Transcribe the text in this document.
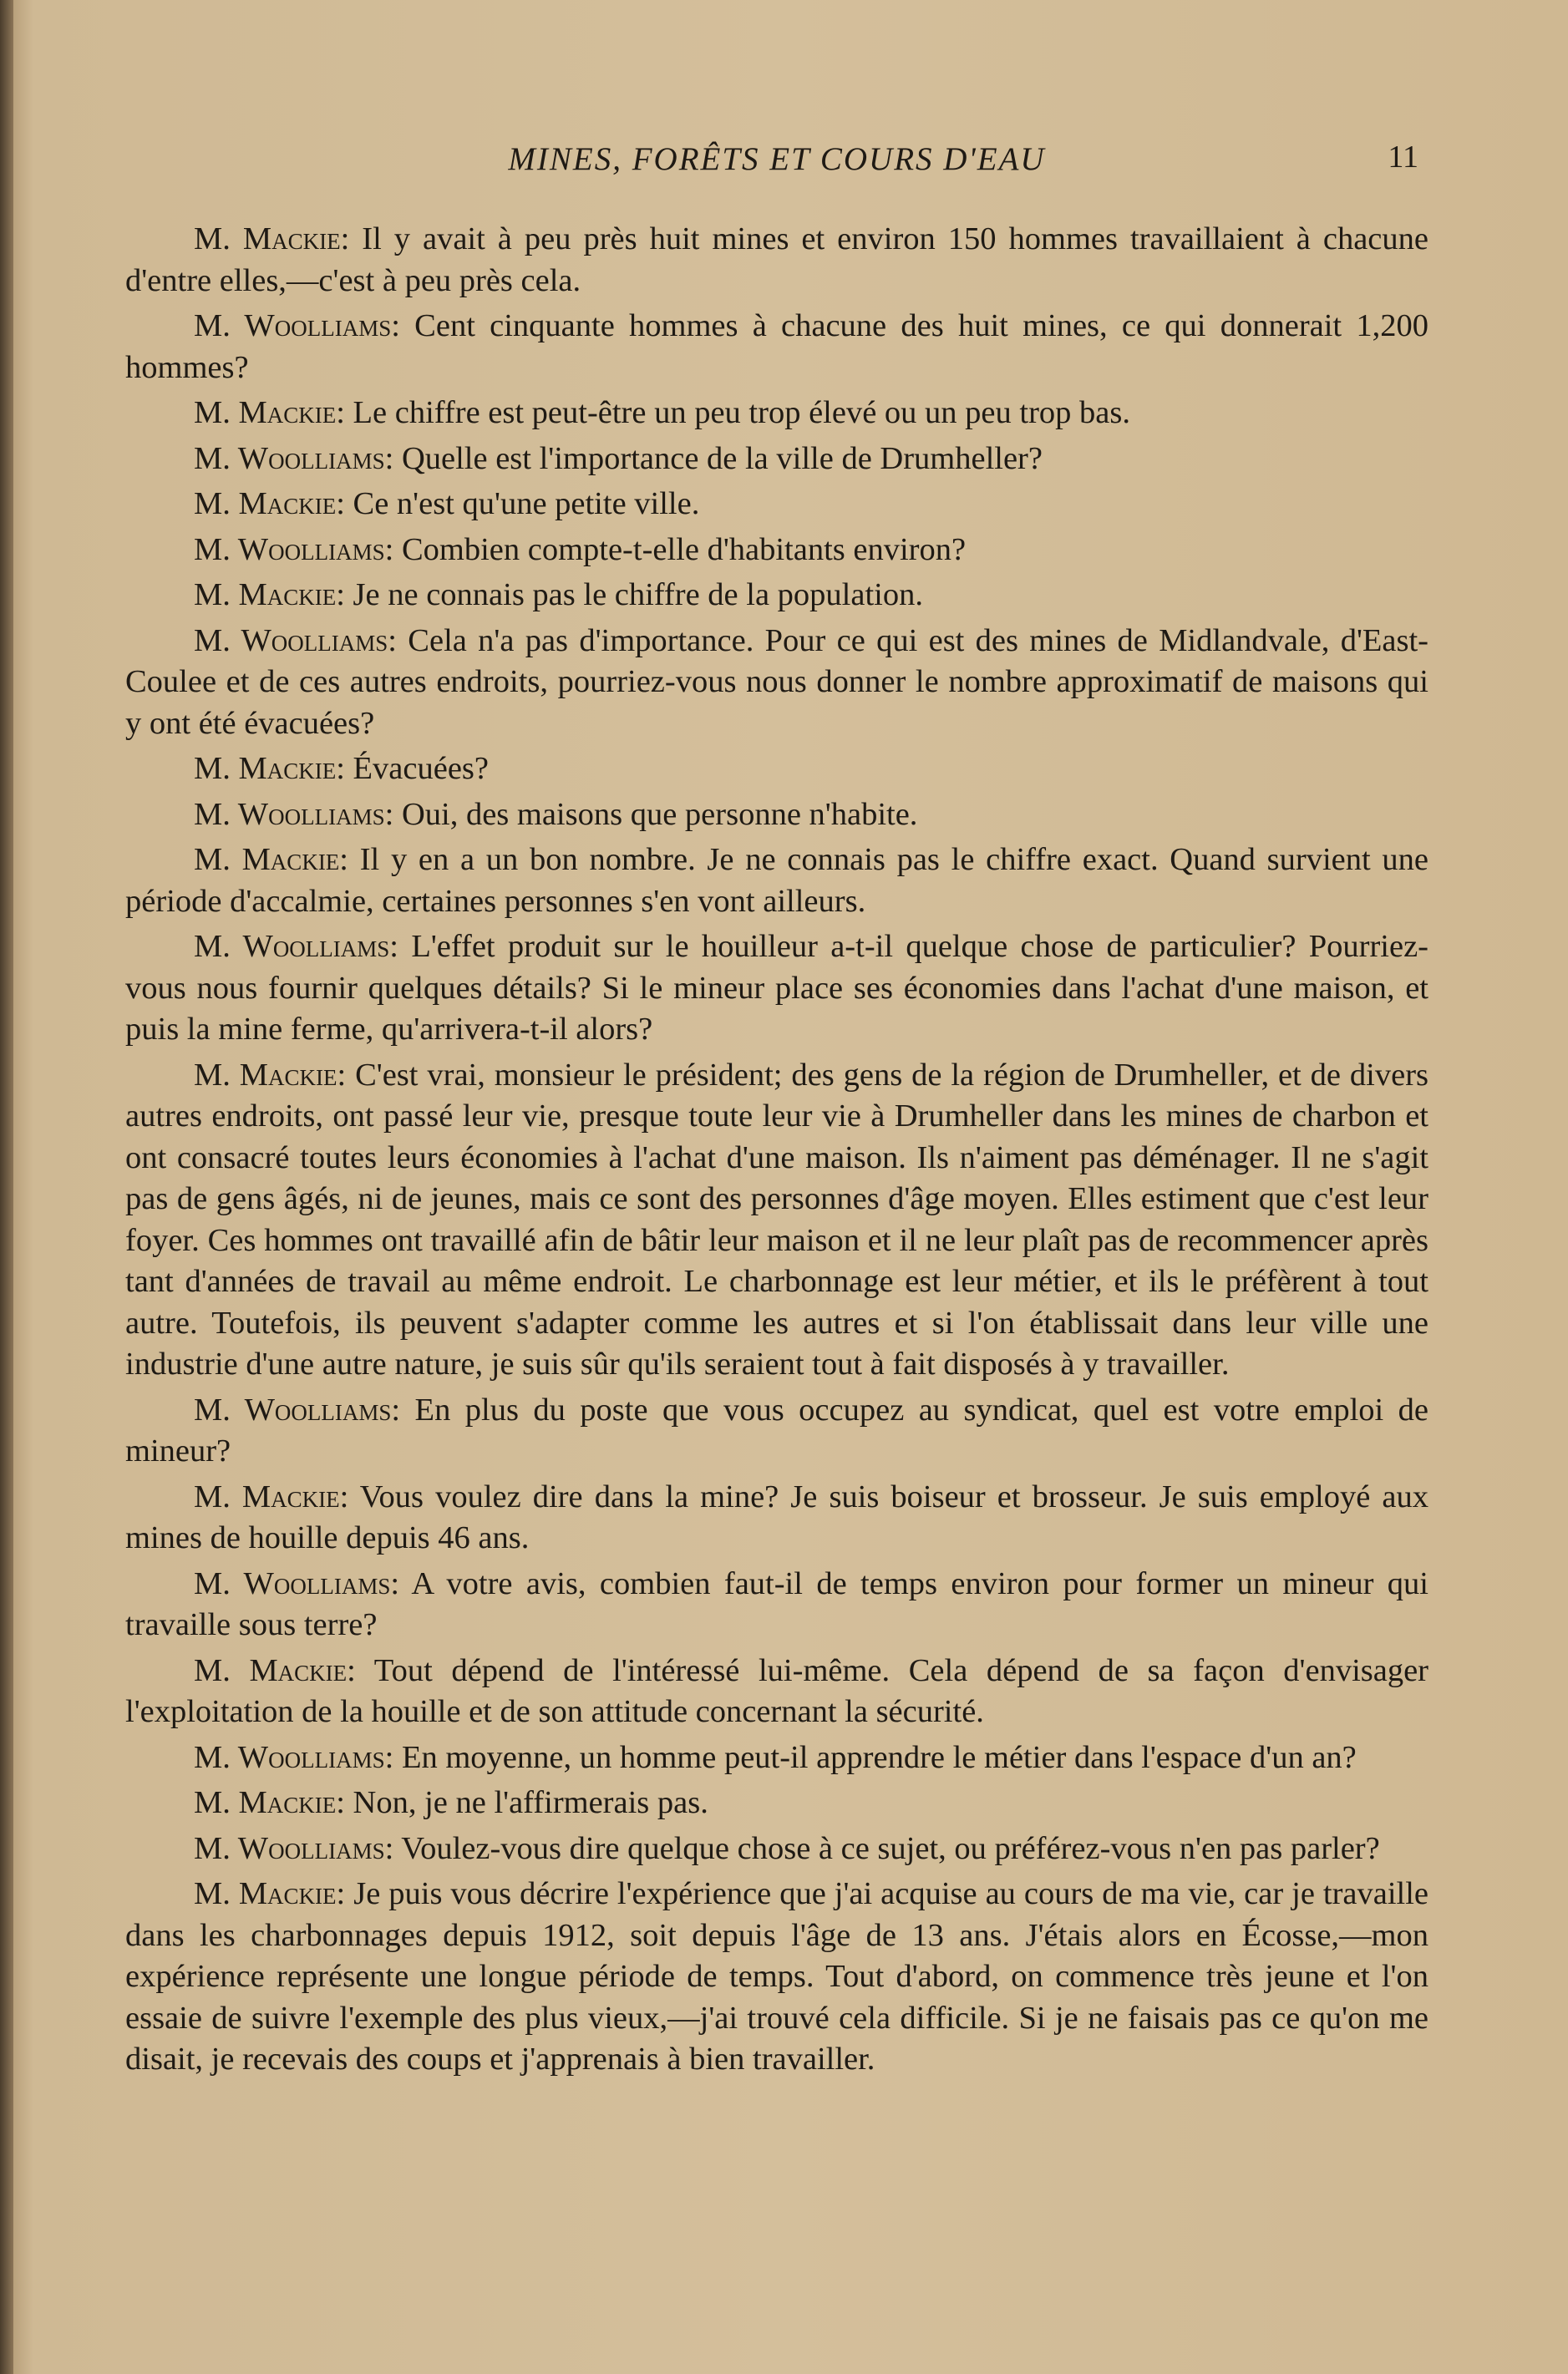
MINES, FORÊTS ET COURS D'EAU	11

M. Mackie: Il y avait à peu près huit mines et environ 150 hommes travaillaient à chacune d'entre elles,—c'est à peu près cela.

M. Woolliams: Cent cinquante hommes à chacune des huit mines, ce qui donnerait 1,200 hommes?

M. Mackie: Le chiffre est peut-être un peu trop élevé ou un peu trop bas.

M. Woolliams: Quelle est l'importance de la ville de Drumheller?

M. Mackie: Ce n'est qu'une petite ville.

M. Woolliams: Combien compte-t-elle d'habitants environ?

M. Mackie: Je ne connais pas le chiffre de la population.

M. Woolliams: Cela n'a pas d'importance. Pour ce qui est des mines de Midlandvale, d'East-Coulee et de ces autres endroits, pourriez-vous nous donner le nombre approximatif de maisons qui y ont été évacuées?

M. Mackie: Évacuées?

M. Woolliams: Oui, des maisons que personne n'habite.

M. Mackie: Il y en a un bon nombre. Je ne connais pas le chiffre exact. Quand survient une période d'accalmie, certaines personnes s'en vont ailleurs.

M. Woolliams: L'effet produit sur le houilleur a-t-il quelque chose de particulier? Pourriez-vous nous fournir quelques détails? Si le mineur place ses économies dans l'achat d'une maison, et puis la mine ferme, qu'arrivera-t-il alors?

M. Mackie: C'est vrai, monsieur le président; des gens de la région de Drumheller, et de divers autres endroits, ont passé leur vie, presque toute leur vie à Drumheller dans les mines de charbon et ont consacré toutes leurs économies à l'achat d'une maison. Ils n'aiment pas déménager. Il ne s'agit pas de gens âgés, ni de jeunes, mais ce sont des personnes d'âge moyen. Elles estiment que c'est leur foyer. Ces hommes ont travaillé afin de bâtir leur maison et il ne leur plaît pas de recommencer après tant d'années de travail au même endroit. Le charbonnage est leur métier, et ils le préfèrent à tout autre. Toutefois, ils peuvent s'adapter comme les autres et si l'on établissait dans leur ville une industrie d'une autre nature, je suis sûr qu'ils seraient tout à fait disposés à y travailler.

M. Woolliams: En plus du poste que vous occupez au syndicat, quel est votre emploi de mineur?

M. Mackie: Vous voulez dire dans la mine? Je suis boiseur et brosseur. Je suis employé aux mines de houille depuis 46 ans.

M. Woolliams: A votre avis, combien faut-il de temps environ pour former un mineur qui travaille sous terre?

M. Mackie: Tout dépend de l'intéressé lui-même. Cela dépend de sa façon d'envisager l'exploitation de la houille et de son attitude concernant la sécurité.

M. Woolliams: En moyenne, un homme peut-il apprendre le métier dans l'espace d'un an?

M. Mackie: Non, je ne l'affirmerais pas.

M. Woolliams: Voulez-vous dire quelque chose à ce sujet, ou préférez-vous n'en pas parler?

M. Mackie: Je puis vous décrire l'expérience que j'ai acquise au cours de ma vie, car je travaille dans les charbonnages depuis 1912, soit depuis l'âge de 13 ans. J'étais alors en Écosse,—mon expérience représente une longue période de temps. Tout d'abord, on commence très jeune et l'on essaie de suivre l'exemple des plus vieux,—j'ai trouvé cela difficile. Si je ne faisais pas ce qu'on me disait, je recevais des coups et j'apprenais à bien travailler.
